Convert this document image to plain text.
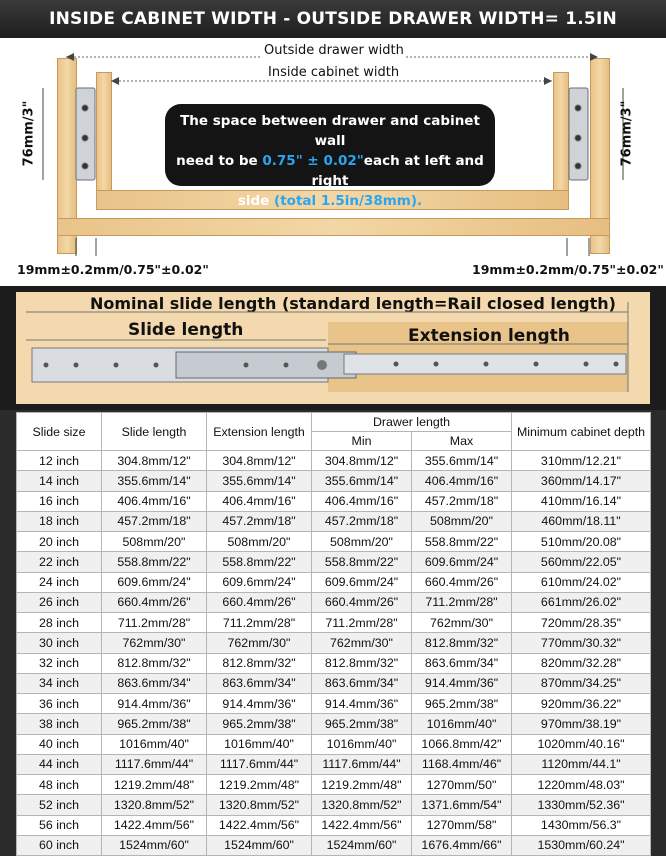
INSIDE CABINET WIDTH - OUTSIDE DRAWER WIDTH= 1.5IN
Outside drawer width
Inside cabinet width
76mm/3"	76mm/3"
19mm±0.2mm/0.75"±0.02"	19mm±0.2mm/0.75"±0.02"
The space between drawer and cabinet wall
need to be 0.75" ± 0.02"each at left and right
side (total 1.5in/38mm).
Nominal slide length (standard length=Rail closed length)
Slide length	Extension length
Slide size	Slide length	Extension length	Drawer length		Minimum cabinet depth
			Min	Max	
12 inch	304.8mm/12"	304.8mm/12"	304.8mm/12"	355.6mm/14"	310mm/12.21"
14 inch	355.6mm/14"	355.6mm/14"	355.6mm/14"	406.4mm/16"	360mm/14.17"
16 inch	406.4mm/16"	406.4mm/16"	406.4mm/16"	457.2mm/18"	410mm/16.14"
18 inch	457.2mm/18"	457.2mm/18"	457.2mm/18"	508mm/20"	460mm/18.11"
20 inch	508mm/20"	508mm/20"	508mm/20"	558.8mm/22"	510mm/20.08"
22 inch	558.8mm/22"	558.8mm/22"	558.8mm/22"	609.6mm/24"	560mm/22.05"
24 inch	609.6mm/24"	609.6mm/24"	609.6mm/24"	660.4mm/26"	610mm/24.02"
26 inch	660.4mm/26"	660.4mm/26"	660.4mm/26"	711.2mm/28"	661mm/26.02"
28 inch	711.2mm/28"	711.2mm/28"	711.2mm/28"	762mm/30"	720mm/28.35"
30 inch	762mm/30"	762mm/30"	762mm/30"	812.8mm/32"	770mm/30.32"
32 inch	812.8mm/32"	812.8mm/32"	812.8mm/32"	863.6mm/34"	820mm/32.28"
34 inch	863.6mm/34"	863.6mm/34"	863.6mm/34"	914.4mm/36"	870mm/34.25"
36 inch	914.4mm/36"	914.4mm/36"	914.4mm/36"	965.2mm/38"	920mm/36.22"
38 inch	965.2mm/38"	965.2mm/38"	965.2mm/38"	1016mm/40"	970mm/38.19"
40 inch	1016mm/40"	1016mm/40"	1016mm/40"	1066.8mm/42"	1020mm/40.16"
44 inch	1117.6mm/44"	1117.6mm/44"	1117.6mm/44"	1168.4mm/46"	1120mm/44.1"
48 inch	1219.2mm/48"	1219.2mm/48"	1219.2mm/48"	1270mm/50"	1220mm/48.03"
52 inch	1320.8mm/52"	1320.8mm/52"	1320.8mm/52"	1371.6mm/54"	1330mm/52.36"
56 inch	1422.4mm/56"	1422.4mm/56"	1422.4mm/56"	1270mm/58"	1430mm/56.3"
60 inch	1524mm/60"	1524mm/60"	1524mm/60"	1676.4mm/66"	1530mm/60.24"
